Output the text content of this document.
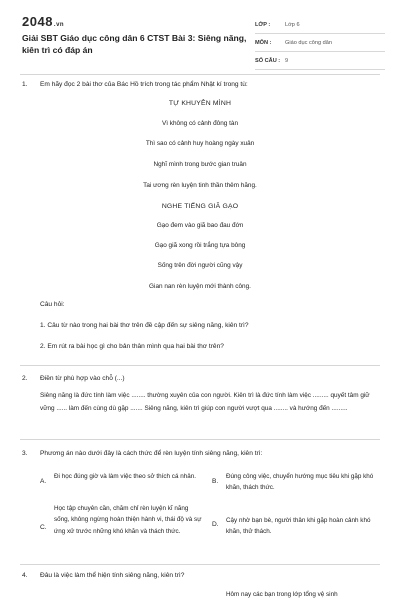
2048.vn
Giải SBT Giáo dục công dân 6 CTST Bài 3: Siêng năng, kiên trì có đáp án
LỚP :	Lớp 6
MÔN :	Giáo dục công dân
SỐ CÂU : 9
1. Em hãy đọc 2 bài thơ của Bác Hồ trích trong tác phẩm Nhật kí trong tù:
TỰ KHUYÊN MÌNH
Vì không có cảnh đông tàn
Thì sao có cảnh huy hoàng ngày xuân
Nghĩ mình trong bước gian truân
Tai ương rèn luyện tinh thần thêm hăng.
NGHE TIẾNG GIÃ GẠO
Gạo đem vào giã bao đau đớn
Gạo giã xong rồi trắng tựa bông
Sống trên đời người cũng vậy
Gian nan rèn luyện mới thành công.
Câu hỏi:
1. Câu từ nào trong hai bài thơ trên đề cập đến sự siêng năng, kiên trì?
2. Em rút ra bài học gì cho bản thân mình qua hai bài thơ trên?
2. Điền từ phù hợp vào chỗ (...)
Siêng năng là đức tính làm việc ........ thường xuyên của con người. Kiên trì là đức tính làm việc ......... quyết tâm giữ vững ...... làm đến cùng dù gặp ....... Siêng năng, kiên trì giúp con người vượt qua ........ và hướng đến .........
3. Phương án nào dưới đây là cách thức để rèn luyện tính siêng năng, kiên trì:
A.
Đi học đúng giờ và làm việc theo sở thích cá nhân.
B.
Đúng công việc, chuyển hướng mục tiêu khi gặp khó khăn, thách thức.
C.
Học tập chuyên cần, chăm chỉ rèn luyện kĩ năng sống, không ngừng hoàn thiện hành vi, thái độ và sự ứng xử trước những khó khăn và thách thức.
D.
Cậy nhờ bạn bè, người thân khi gặp hoàn cảnh khó khăn, thử thách.
4. Đâu là việc làm thể hiện tính siêng năng, kiên trì?
Hôm nay các bạn trong lớp tổng vệ sinh
